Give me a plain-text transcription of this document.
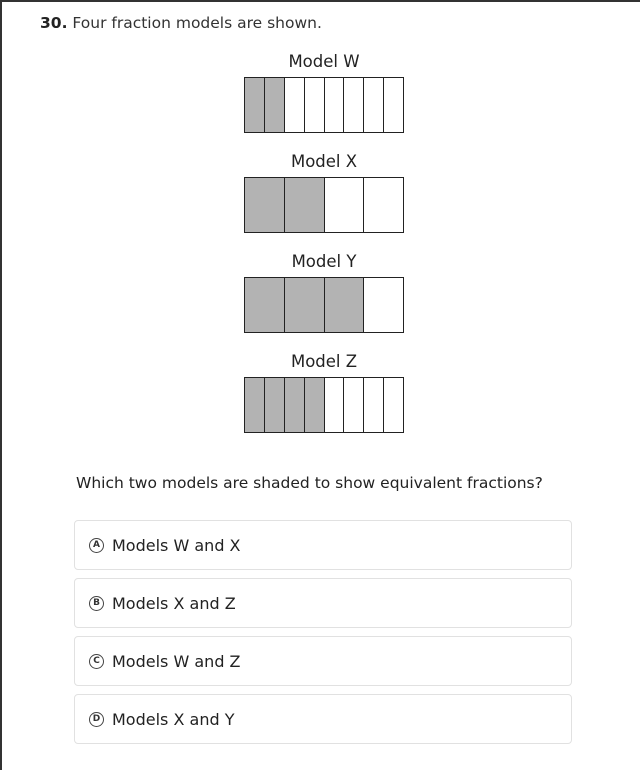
30. Four fraction models are shown.
Model W
Model X
Model Y
Model Z
Which two models are shaded to show equivalent fractions?
A Models W and X
B Models X and Z
C Models W and Z
D Models X and Y
